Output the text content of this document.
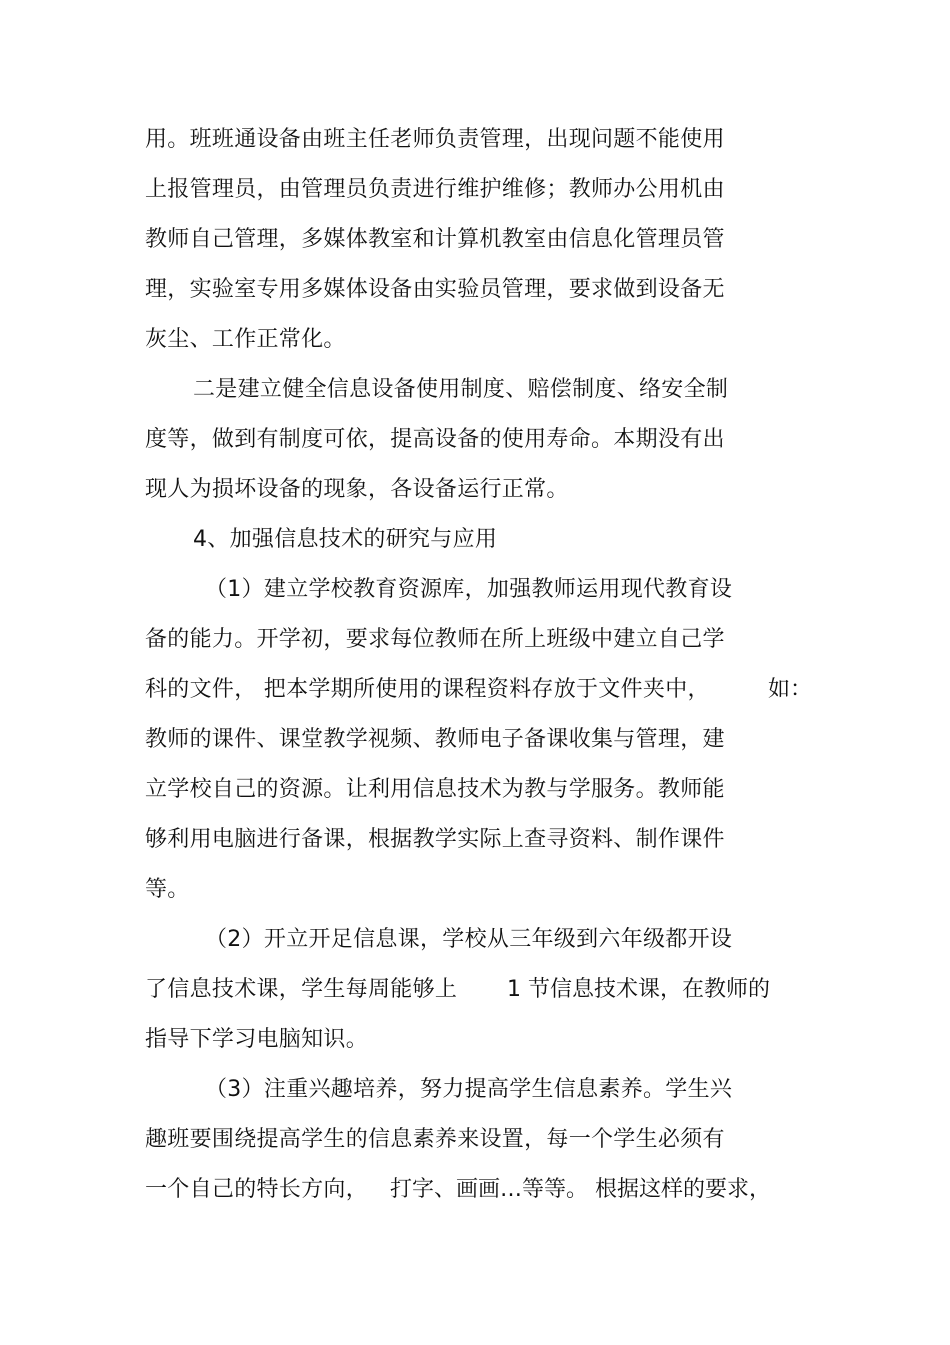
用。班班通设备由班主任老师负责管理，出现问题不能使用
上报管理员，由管理员负责进行维护维修；教师办公用机由
教师自己管理，多媒体教室和计算机教室由信息化管理员管
理，实验室专用多媒体设备由实验员管理，要求做到设备无
灰尘、工作正常化。
二是建立健全信息设备使用制度、赔偿制度、络安全制
度等，做到有制度可依，提高设备的使用寿命。本期没有出
现人为损坏设备的现象，各设备运行正常。
4、加强信息技术的研究与应用
（1）建立学校教育资源库，加强教师运用现代教育设
备的能力。开学初，要求每位教师在所上班级中建立自己学
科的文件， 把本学期所使用的课程资料存放于文件夹中，	如：
教师的课件、课堂教学视频、教师电子备课收集与管理，建
立学校自己的资源。让利用信息技术为教与学服务。教师能
够利用电脑进行备课，根据教学实际上查寻资料、制作课件
等。
（2）开立开足信息课，学校从三年级到六年级都开设
了信息技术课，学生每周能够上 1 节信息技术课，在教师的
指导下学习电脑知识。
（3）注重兴趣培养，努力提高学生信息素养。学生兴
趣班要围绕提高学生的信息素养来设置，每一个学生必须有
一个自己的特长方向， 打字、画画…等等。 根据这样的要求，
